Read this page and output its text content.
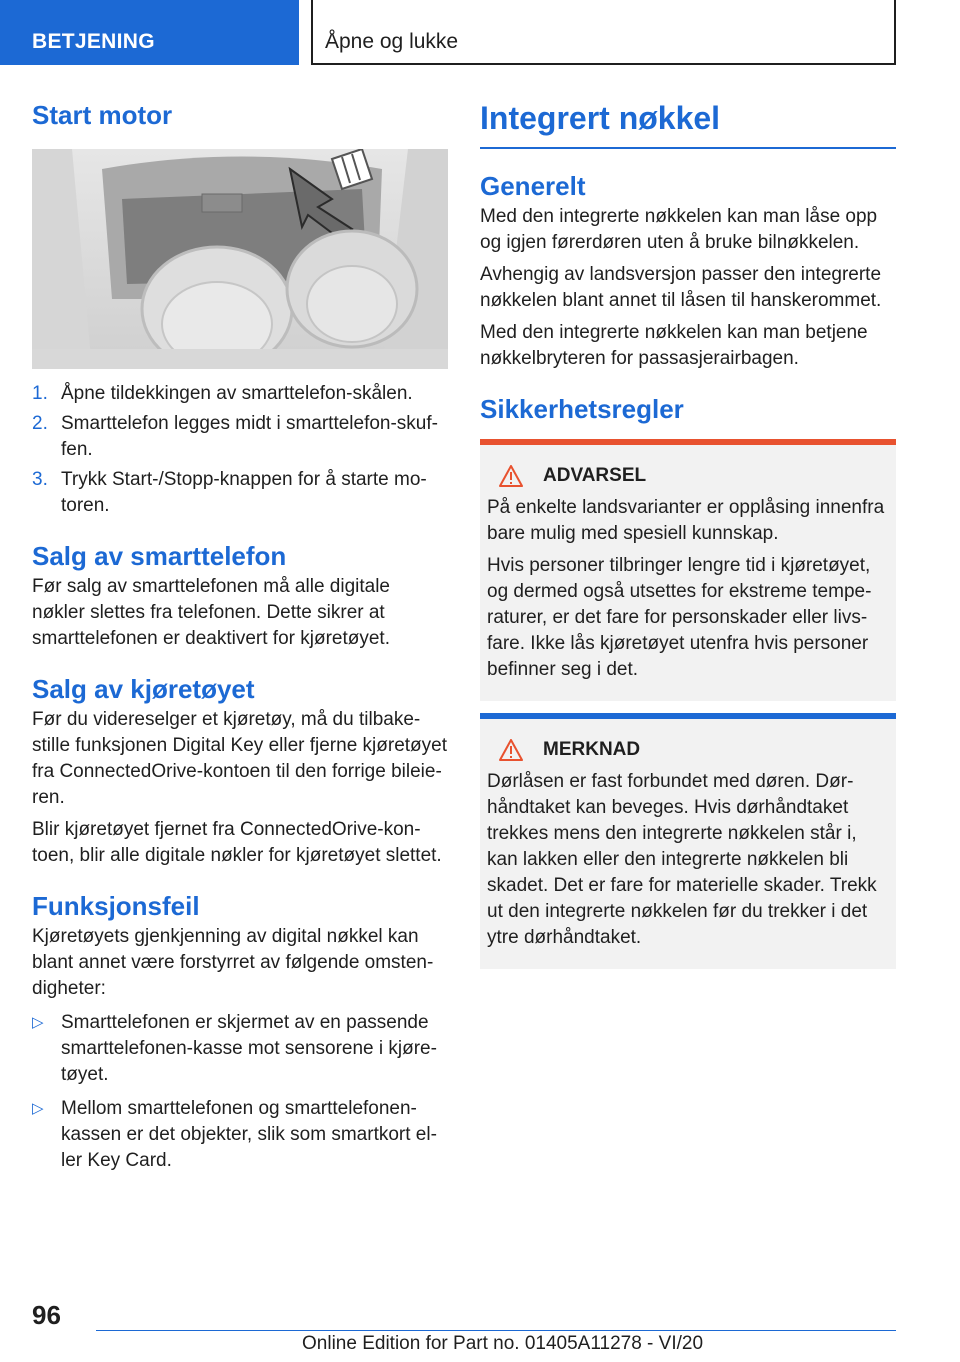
BETJENING	Åpne og lukke
Start motor
1. Åpne tildekkingen av smarttelefon-skålen.
2. Smarttelefon legges midt i smarttelefon-skuffen.
3. Trykk Start-/Stopp-knappen for å starte motoren.
Salg av smarttelefon

Før salg av smarttelefonen må alle digitale nøkler slettes fra telefonen. Dette sikrer at smarttelefonen er deaktivert for kjøretøyet.

Salg av kjøretøyet

Før du videreselger et kjøretøy, må du tilbakestille funksjonen Digital Key eller fjerne kjøretøyet fra ConnectedOrive-kontoen til den forrige bileieren.

Blir kjøretøyet fjernet fra ConnectedOrive-kontoen, blir alle digitale nøkler for kjøretøyet slettet.

Funksjonsfeil

Kjøretøyets gjenkjenning av digital nøkkel kan blant annet være forstyrret av følgende omstendigheter:

▷ Smarttelefonen er skjermet av en passende smarttelefonen-kasse mot sensorene i kjøretøyet.
▷ Mellom smarttelefonen og smarttelefonen-kassen er det objekter, slik som smartkort eller Key Card.
Integrert nøkkel
Generelt

Med den integrerte nøkkelen kan man låse opp og igjen førerdøren uten å bruke bilnøkkelen.

Avhengig av landsversjon passer den integrerte nøkkelen blant annet til låsen til hanskerommet.

Med den integrerte nøkkelen kan man betjene nøkkelbryteren for passasjerairbagen.

Sikkerhetsregler
ADVARSEL

På enkelte landsvarianter er opplåsing innenfra bare mulig med spesiell kunnskap.

Hvis personer tilbringer lengre tid i kjøretøyet, og dermed også utsettes for ekstreme temperaturer, er det fare for personskader eller livsfare. Ikke lås kjøretøyet utenfra hvis personer befinner seg i det.

MERKNAD

Dørlåsen er fast forbundet med døren. Dørhåndtaket kan beveges. Hvis dørhåndtaket trekkes mens den integrerte nøkkelen står i, kan lakken eller den integrerte nøkkelen bli skadet. Det er fare for materielle skader. Trekk ut den integrerte nøkkelen før du trekker i det ytre dørhåndtaket.

96
Online Edition for Part no. 01405A11278 - VI/20
